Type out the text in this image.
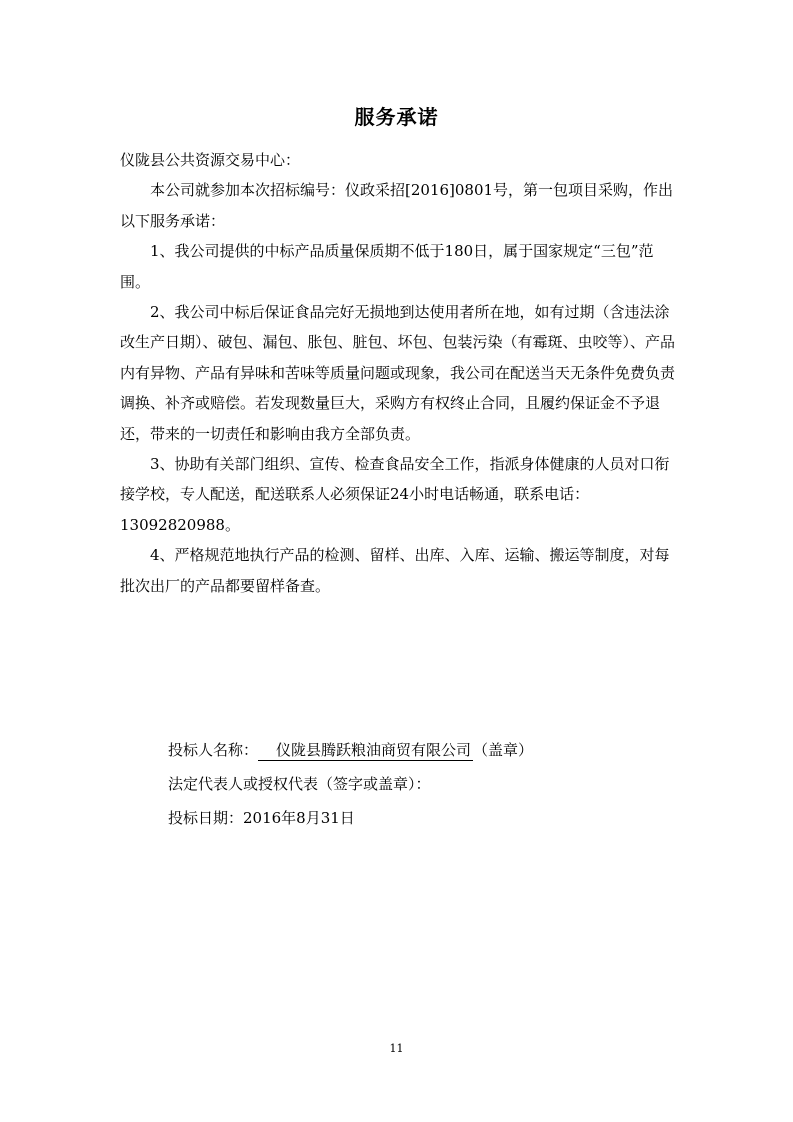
服务承诺

仪陇县公共资源交易中心：

本公司就参加本次招标编号：仪政采招[2016]0801号，第一包项目采购，作出以下服务承诺：

1、我公司提供的中标产品质量保质期不低于180日，属于国家规定“三包”范围。

2、我公司中标后保证食品完好无损地到达使用者所在地，如有过期（含违法涂改生产日期）、破包、漏包、胀包、脏包、坏包、包装污染（有霉斑、虫咬等）、产品内有异物、产品有异味和苦味等质量问题或现象，我公司在配送当天无条件免费负责调换、补齐或赔偿。若发现数量巨大，采购方有权终止合同，且履约保证金不予退还，带来的一切责任和影响由我方全部负责。

3、协助有关部门组织、宣传、检查食品安全工作，指派身体健康的人员对口衔接学校，专人配送，配送联系人必须保证24小时电话畅通，联系电话：13092820988。

4、严格规范地执行产品的检测、留样、出库、入库、运输、搬运等制度，对每批次出厂的产品都要留样备查。

投标人名称： 仪陇县腾跃粮油商贸有限公司 （盖章）

法定代表人或授权代表（签字或盖章）：

投标日期：2016年8月31日

11
